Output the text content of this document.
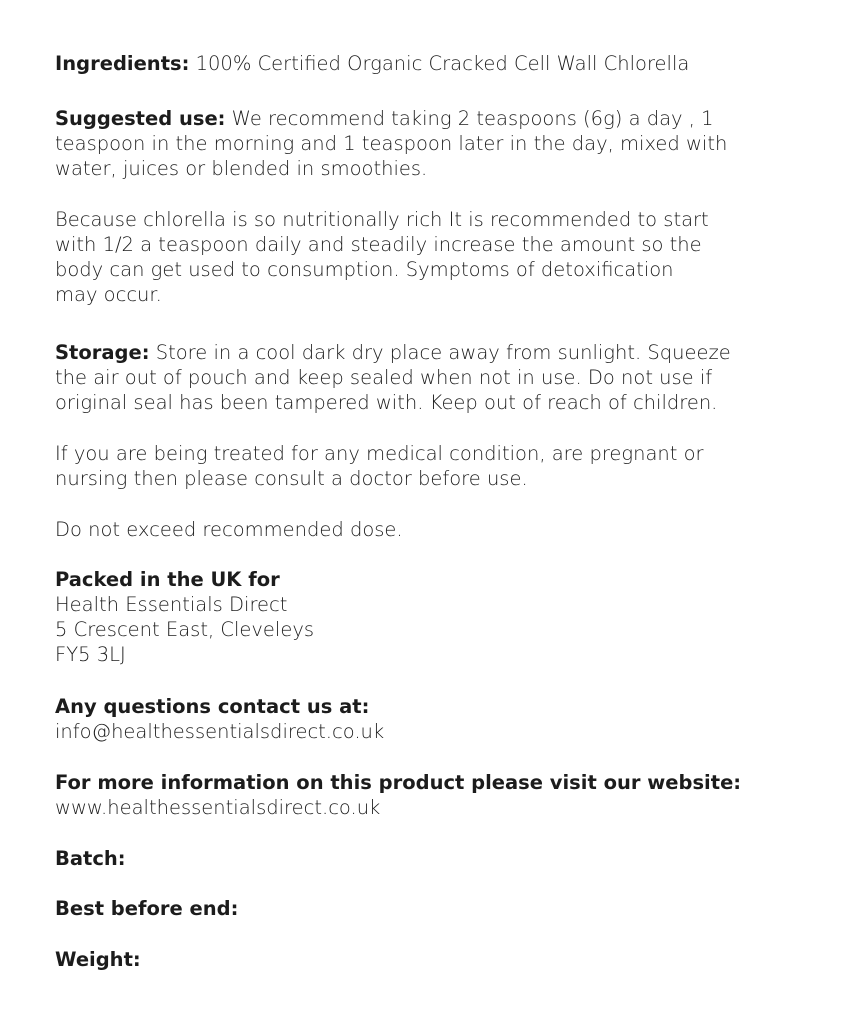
Ingredients: 100% Certified Organic Cracked Cell Wall Chlorella

Suggested use: We recommend taking 2 teaspoons (6g) a day , 1
teaspoon in the morning and 1 teaspoon later in the day, mixed with
water, juices or blended in smoothies.

Because chlorella is so nutritionally rich It is recommended to start
with 1/2 a teaspoon daily and steadily increase the amount so the
body can get used to consumption. Symptoms of detoxification
may occur.

Storage: Store in a cool dark dry place away from sunlight. Squeeze
the air out of pouch and keep sealed when not in use. Do not use if
original seal has been tampered with. Keep out of reach of children.

If you are being treated for any medical condition, are pregnant or
nursing then please consult a doctor before use.

Do not exceed recommended dose.

Packed in the UK for
Health Essentials Direct
5 Crescent East, Cleveleys
FY5 3LJ

Any questions contact us at:
info@healthessentialsdirect.co.uk

For more information on this product please visit our website:
www.healthessentialsdirect.co.uk

Batch:

Best before end:

Weight:
